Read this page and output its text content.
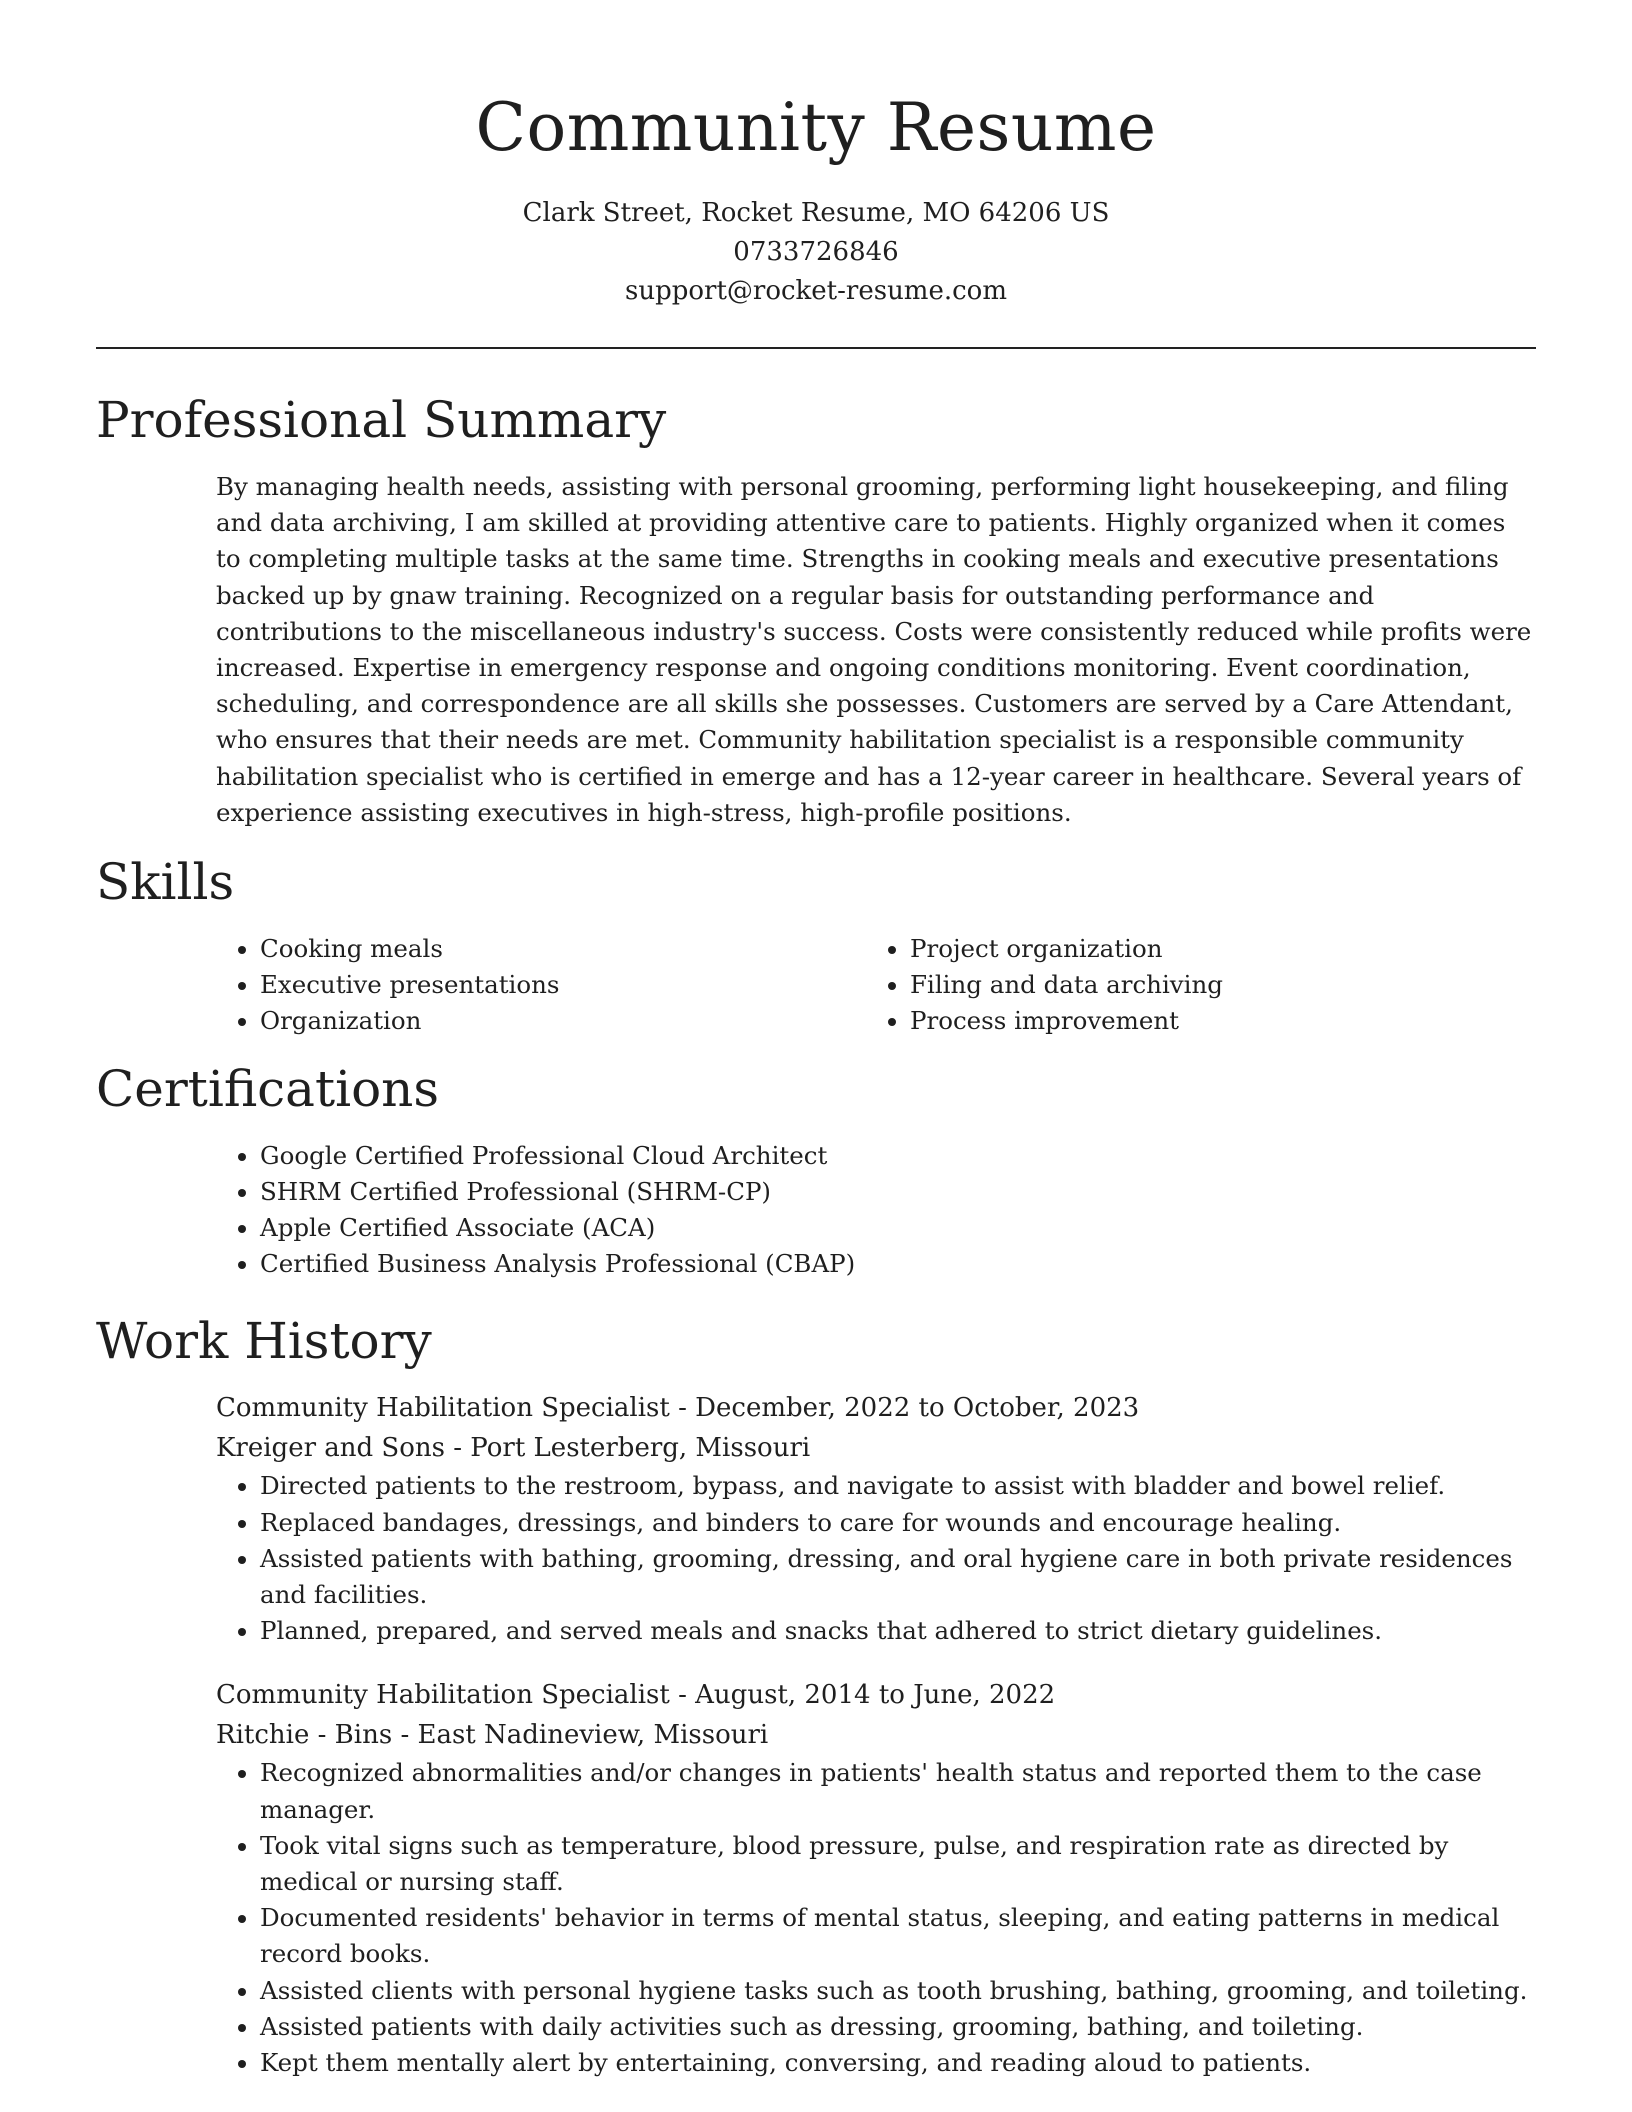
Community Resume
Clark Street, Rocket Resume, MO 64206 US
0733726846
support@rocket-resume.com
Professional Summary
By managing health needs, assisting with personal grooming, performing light housekeeping, and filing and data archiving, I am skilled at providing attentive care to patients. Highly organized when it comes to completing multiple tasks at the same time. Strengths in cooking meals and executive presentations backed up by gnaw training. Recognized on a regular basis for outstanding performance and contributions to the miscellaneous industry's success. Costs were consistently reduced while profits were increased. Expertise in emergency response and ongoing conditions monitoring. Event coordination, scheduling, and correspondence are all skills she possesses. Customers are served by a Care Attendant, who ensures that their needs are met. Community habilitation specialist is a responsible community habilitation specialist who is certified in emerge and has a 12-year career in healthcare. Several years of experience assisting executives in high-stress, high-profile positions.
Skills
• Cooking meals
• Executive presentations
• Organization
• Project organization
• Filing and data archiving
• Process improvement
Certifications
• Google Certified Professional Cloud Architect
• SHRM Certified Professional (SHRM-CP)
• Apple Certified Associate (ACA)
• Certified Business Analysis Professional (CBAP)
Work History
Community Habilitation Specialist - December, 2022 to October, 2023
Kreiger and Sons - Port Lesterberg, Missouri
• Directed patients to the restroom, bypass, and navigate to assist with bladder and bowel relief.
• Replaced bandages, dressings, and binders to care for wounds and encourage healing.
• Assisted patients with bathing, grooming, dressing, and oral hygiene care in both private residences and facilities.
• Planned, prepared, and served meals and snacks that adhered to strict dietary guidelines.
Community Habilitation Specialist - August, 2014 to June, 2022
Ritchie - Bins - East Nadineview, Missouri
• Recognized abnormalities and/or changes in patients' health status and reported them to the case manager.
• Took vital signs such as temperature, blood pressure, pulse, and respiration rate as directed by medical or nursing staff.
• Documented residents' behavior in terms of mental status, sleeping, and eating patterns in medical record books.
• Assisted clients with personal hygiene tasks such as tooth brushing, bathing, grooming, and toileting.
• Assisted patients with daily activities such as dressing, grooming, bathing, and toileting.
• Kept them mentally alert by entertaining, conversing, and reading aloud to patients.
